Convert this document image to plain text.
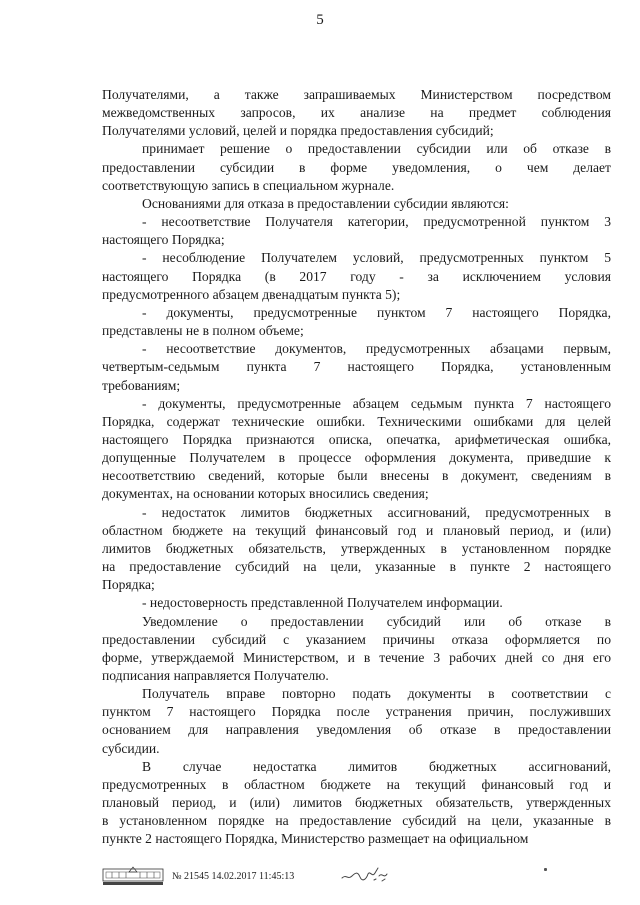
5
Получателями, а также запрашиваемых Министерством посредством
межведомственных запросов, их анализе на предмет соблюдения
Получателями условий, целей и порядка предоставления субсидий;
принимает решение о предоставлении субсидии или об отказе в
предоставлении субсидии в форме уведомления, о чем делает
соответствующую запись в специальном журнале.
Основаниями для отказа в предоставлении субсидии являются:
- несоответствие Получателя категории, предусмотренной пунктом 3
настоящего Порядка;
- несоблюдение Получателем условий, предусмотренных пунктом 5
настоящего Порядка (в 2017 году - за исключением условия
предусмотренного абзацем двенадцатым пункта 5);
- документы, предусмотренные пунктом 7 настоящего Порядка,
представлены не в полном объеме;
- несоответствие документов, предусмотренных абзацами первым,
четвертым-седьмым пункта 7 настоящего Порядка, установленным
требованиям;
- документы, предусмотренные абзацем седьмым пункта 7 настоящего
Порядка, содержат технические ошибки. Техническими ошибками для целей
настоящего Порядка признаются описка, опечатка, арифметическая ошибка,
допущенные Получателем в процессе оформления документа, приведшие к
несоответствию сведений, которые были внесены в документ, сведениям в
документах, на основании которых вносились сведения;
- недостаток лимитов бюджетных ассигнований, предусмотренных в
областном бюджете на текущий финансовый год и плановый период, и (или)
лимитов бюджетных обязательств, утвержденных в установленном порядке
на предоставление субсидий на цели, указанные в пункте 2 настоящего
Порядка;
- недостоверность представленной Получателем информации.
Уведомление о предоставлении субсидий или об отказе в
предоставлении субсидий с указанием причины отказа оформляется по
форме, утверждаемой Министерством, и в течение 3 рабочих дней со дня его
подписания направляется Получателю.
Получатель вправе повторно подать документы в соответствии с
пунктом 7 настоящего Порядка после устранения причин, послуживших
основанием для направления уведомления об отказе в предоставлении
субсидии.
В случае недостатка лимитов бюджетных ассигнований,
предусмотренных в областном бюджете на текущий финансовый год и
плановый период, и (или) лимитов бюджетных обязательств, утвержденных
в установленном порядке на предоставление субсидий на цели, указанные в
пункте 2 настоящего Порядка, Министерство размещает на официальном
№ 21545 14.02.2017 11:45:13
